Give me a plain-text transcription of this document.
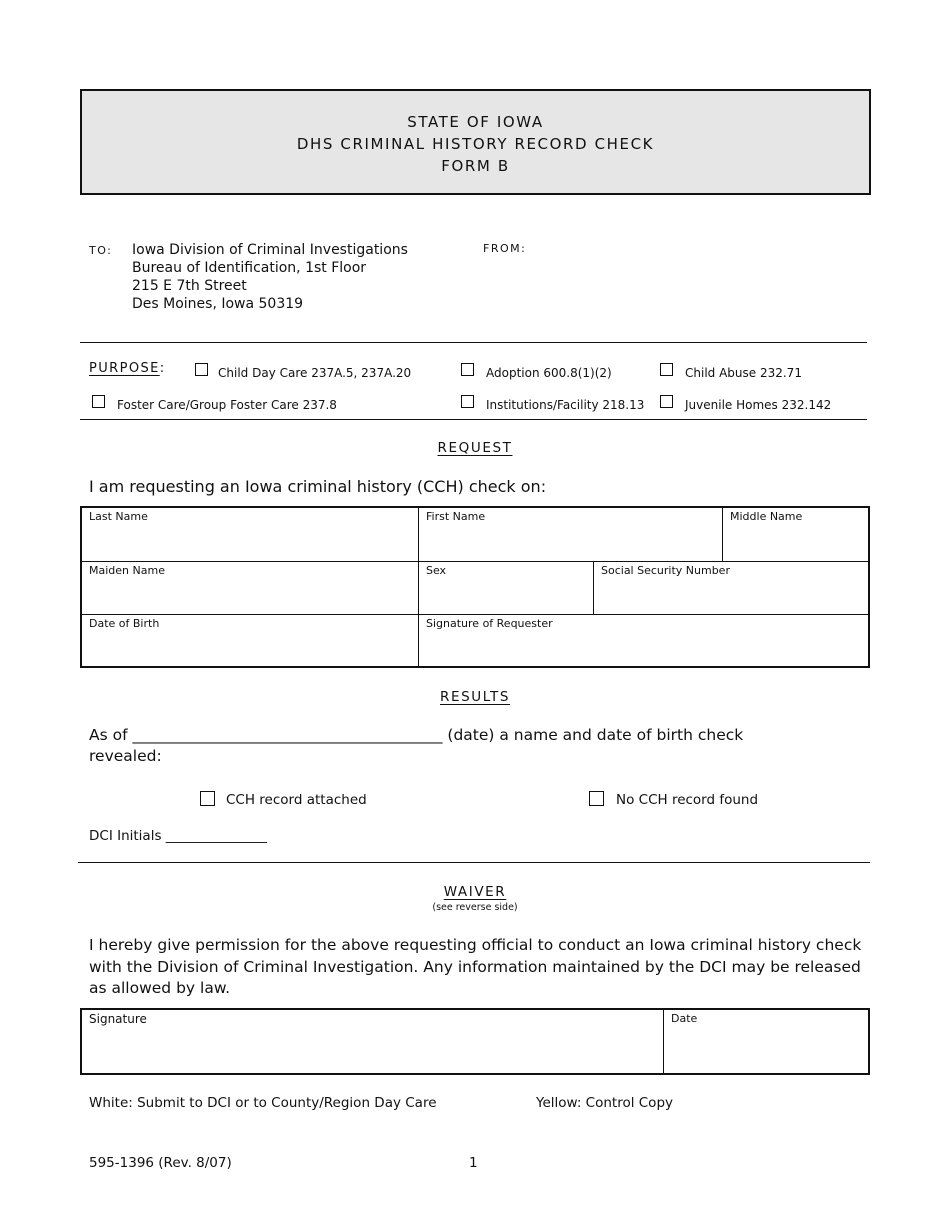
STATE OF IOWA
DHS CRIMINAL HISTORY RECORD CHECK
FORM B
TO: Iowa Division of Criminal Investigations
Bureau of Identification, 1st Floor
215 E 7th Street
Des Moines, Iowa 50319
FROM:
PURPOSE:	Child Day Care 237A.5, 237A.20	Adoption 600.8(1)(2)	Child Abuse 232.71
Foster Care/Group Foster Care 237.8	Institutions/Facility 218.13	Juvenile Homes 232.142
REQUEST
I am requesting an Iowa criminal history (CCH) check on:
Last Name	First Name	Middle Name
Maiden Name	Sex	Social Security Number
Date of Birth	Signature of Requester
RESULTS
As of ________________________________________ (date) a name and date of birth check
revealed:
CCH record attached	No CCH record found
DCI Initials _______________
WAIVER
(see reverse side)
I hereby give permission for the above requesting official to conduct an Iowa criminal history check
with the Division of Criminal Investigation. Any information maintained by the DCI may be released
as allowed by law.
Signature	Date
White: Submit to DCI or to County/Region Day Care	Yellow: Control Copy
595-1396 (Rev. 8/07)	1
